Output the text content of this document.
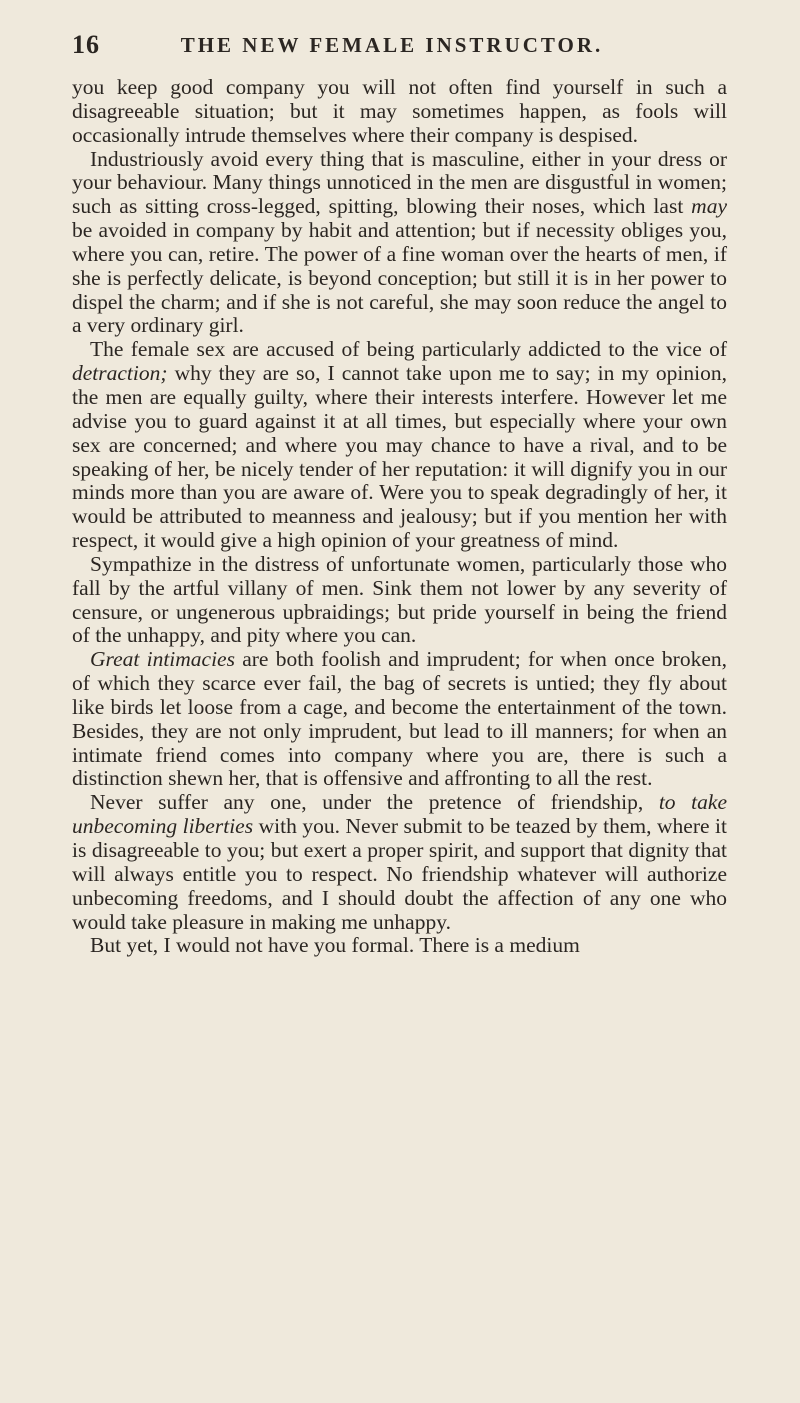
16	THE NEW FEMALE INSTRUCTOR.

you keep good company you will not often find yourself in such a disagreeable situation; but it may sometimes happen, as fools will occasionally intrude themselves where their company is despised.

Industriously avoid every thing that is masculine, either in your dress or your behaviour. Many things unnoticed in the men are disgustful in women; such as sitting cross-legged, spitting, blowing their noses, which last may be avoided in company by habit and attention; but if necessity obliges you, where you can, retire. The power of a fine woman over the hearts of men, if she is perfectly delicate, is beyond conception; but still it is in her power to dispel the charm; and if she is not careful, she may soon reduce the angel to a very ordinary girl.

The female sex are accused of being particularly addicted to the vice of detraction; why they are so, I cannot take upon me to say; in my opinion, the men are equally guilty, where their interests interfere. However let me advise you to guard against it at all times, but especially where your own sex are concerned; and where you may chance to have a rival, and to be speaking of her, be nicely tender of her reputation: it will dignify you in our minds more than you are aware of. Were you to speak degradingly of her, it would be attributed to meanness and jealousy; but if you mention her with respect, it would give a high opinion of your greatness of mind.

Sympathize in the distress of unfortunate women, particularly those who fall by the artful villany of men. Sink them not lower by any severity of censure, or ungenerous upbraidings; but pride yourself in being the friend of the unhappy, and pity where you can.

Great intimacies are both foolish and imprudent; for when once broken, of which they scarce ever fail, the bag of secrets is untied; they fly about like birds let loose from a cage, and become the entertainment of the town. Besides, they are not only imprudent, but lead to ill manners; for when an intimate friend comes into company where you are, there is such a distinction shewn her, that is offensive and affronting to all the rest.

Never suffer any one, under the pretence of friendship, to take unbecoming liberties with you. Never submit to be teazed by them, where it is disagreeable to you; but exert a proper spirit, and support that dignity that will always entitle you to respect. No friendship whatever will authorize unbecoming freedoms, and I should doubt the affection of any one who would take pleasure in making me unhappy.

But yet, I would not have you formal. There is a medium
